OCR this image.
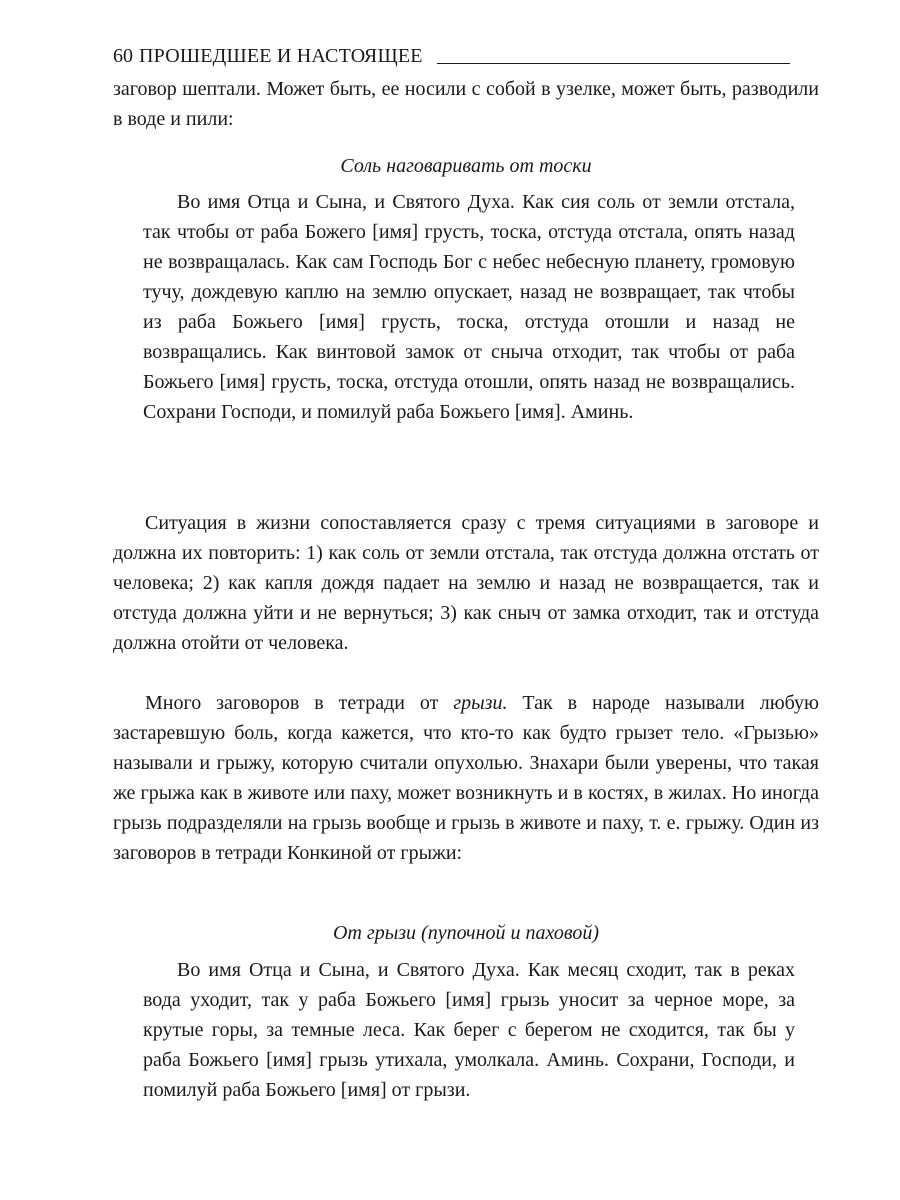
60 ПРОШЕДШЕЕ И НАСТОЯЩЕЕ

заговор шептали. Может быть, ее носили с собой в узелке, может быть, разводили в воде и пили:

Соль наговаривать от тоски

Во имя Отца и Сына, и Святого Духа. Как сия соль от земли отстала, так чтобы от раба Божего [имя] грусть, тоска, отстуда отстала, опять назад не возвращалась. Как сам Господь Бог с небес небесную планету, громовую тучу, дождевую каплю на землю опускает, назад не возвращает, так чтобы из раба Божьего [имя] грусть, тоска, отстуда отошли и назад не возвращались. Как винтовой замок от сныча отходит, так чтобы от раба Божьего [имя] грусть, тоска, отстуда отошли, опять назад не возвращались. Сохрани Господи, и помилуй раба Божьего [имя]. Аминь.

Ситуация в жизни сопоставляется сразу с тремя ситуациями в заговоре и должна их повторить: 1) как соль от земли отстала, так отстуда должна отстать от человека; 2) как капля дождя падает на землю и назад не возвращается, так и отстуда должна уйти и не вернуться; 3) как сныч от замка отходит, так и отстуда должна отойти от человека.

Много заговоров в тетради от грызи. Так в народе называли любую застаревшую боль, когда кажется, что кто-то как будто грызет тело. «Грызью» называли и грыжу, которую считали опухолью. Знахари были уверены, что такая же грыжа как в животе или паху, может возникнуть и в костях, в жилах. Но иногда грызь подразделяли на грызь вообще и грызь в животе и паху, т. е. грыжу. Один из заговоров в тетради Конкиной от грыжи:

От грызи (пупочной и паховой)

Во имя Отца и Сына, и Святого Духа. Как месяц сходит, так в реках вода уходит, так у раба Божьего [имя] грызь уносит за черное море, за крутые горы, за темные леса. Как берег с берегом не сходится, так бы у раба Божьего [имя] грызь утихала, умолкала. Аминь. Сохрани, Господи, и помилуй раба Божьего [имя] от грызи.
